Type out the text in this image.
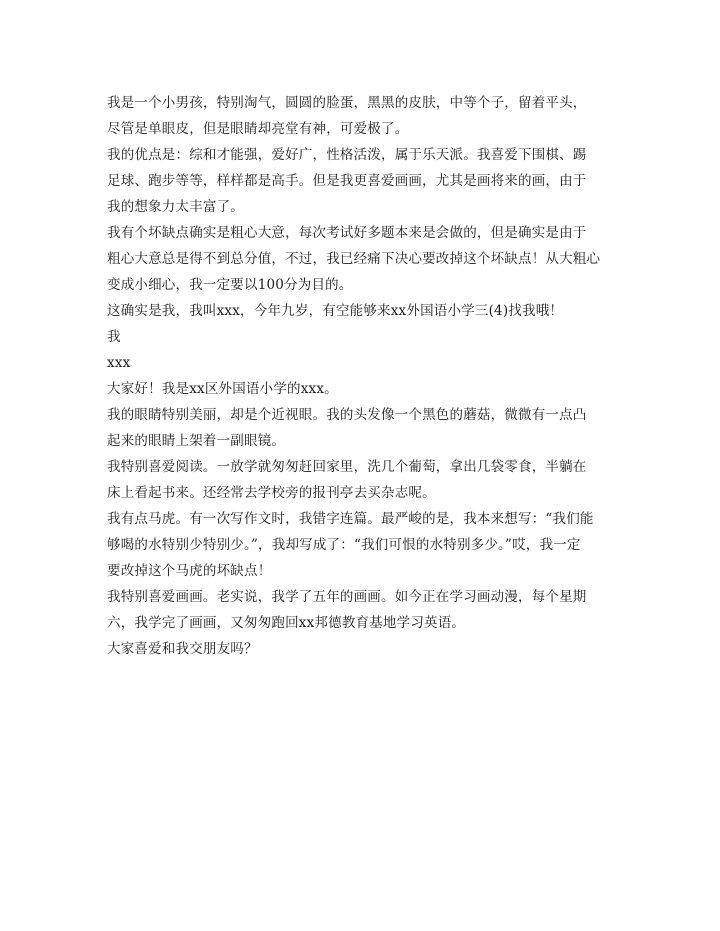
我是一个小男孩，特别淘气，圆圆的脸蛋，黑黑的皮肤，中等个子，留着平头，
尽管是单眼皮，但是眼睛却亮堂有神，可爱极了。

我的优点是：综和才能强，爱好广，性格活泼，属于乐天派。我喜爱下围棋、踢
足球、跑步等等，样样都是高手。但是我更喜爱画画，尤其是画将来的画，由于
我的想象力太丰富了。

我有个坏缺点确实是粗心大意，每次考试好多题本来是会做的，但是确实是由于
粗心大意总是得不到总分值，不过，我已经痛下决心要改掉这个坏缺点！从大粗心
变成小细心，我一定要以100分为目的。

这确实是我，我叫xxx，今年九岁，有空能够来xx外国语小学三(4)找我哦！

我

xxx

大家好！我是xx区外国语小学的xxx。

我的眼睛特别美丽，却是个近视眼。我的头发像一个黑色的蘑菇，微微有一点凸
起来的眼睛上架着一副眼镜。

我特别喜爱阅读。一放学就匆匆赶回家里，洗几个葡萄，拿出几袋零食，半躺在
床上看起书来。还经常去学校旁的报刊亭去买杂志呢。

我有点马虎。有一次写作文时，我错字连篇。最严峻的是，我本来想写：“我们能
够喝的水特别少特别少。”，我却写成了：“我们可恨的水特别多少。”哎，我一定
要改掉这个马虎的坏缺点！

我特别喜爱画画。老实说，我学了五年的画画。如今正在学习画动漫，每个星期
六，我学完了画画，又匆匆跑回xx邦德教育基地学习英语。

大家喜爱和我交朋友吗？
